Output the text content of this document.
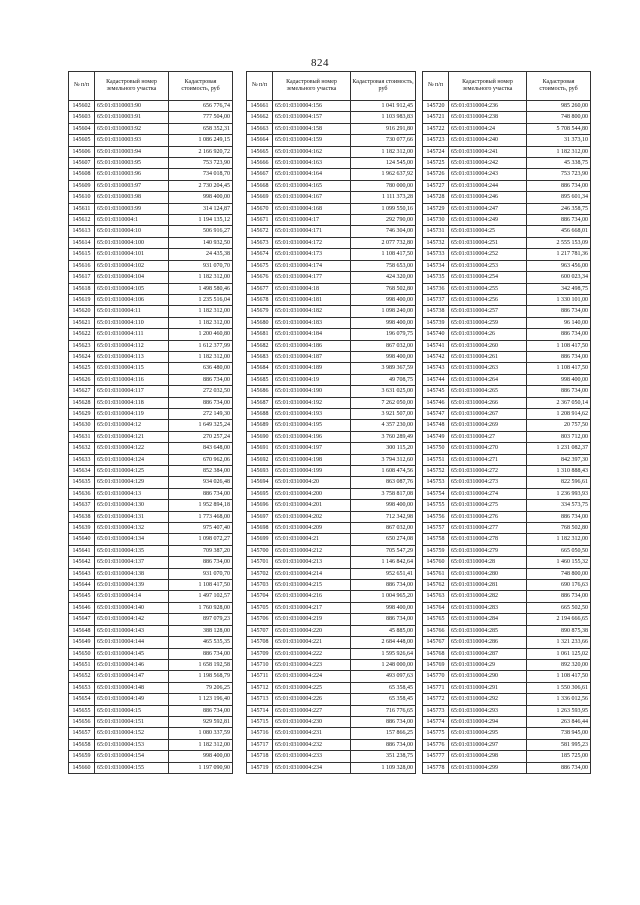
824
№ п/п	Кадастровый номер земельного участка	Кадастровая стоимость, руб
145602	65:01:0310003:90	656 776,74
145603	65:01:0310003:91	777 504,00
145604	65:01:0310003:92	658 352,31
145605	65:01:0310003:93	1 086 249,15
145606	65:01:0310003:94	2 166 920,72
145607	65:01:0310003:95	753 723,90
145608	65:01:0310003:96	734 018,70
145609	65:01:0310003:97	2 730 204,45
145610	65:01:0310003:98	998 400,00
145611	65:01:0310003:99	314 124,87
145612	65:01:0310004:1	1 194 135,12
145613	65:01:0310004:10	506 916,27
145614	65:01:0310004:100	140 932,50
145615	65:01:0310004:101	24 435,38
145616	65:01:0310004:102	931 070,70
145617	65:01:0310004:104	1 182 312,00
145618	65:01:0310004:105	1 498 580,46
145619	65:01:0310004:106	1 235 516,04
145620	65:01:0310004:11	1 182 312,00
145621	65:01:0310004:110	1 182 312,00
145622	65:01:0310004:111	1 200 460,80
145623	65:01:0310004:112	1 612 377,99
145624	65:01:0310004:113	1 182 312,00
145625	65:01:0310004:115	636 480,00
145626	65:01:0310004:116	886 734,00
145627	65:01:0310004:117	272 032,50
145628	65:01:0310004:118	886 734,00
145629	65:01:0310004:119	272 149,30
145630	65:01:0310004:12	1 649 325,24
145631	65:01:0310004:121	270 257,24
145632	65:01:0310004:122	843 648,00
145633	65:01:0310004:124	670 962,06
145634	65:01:0310004:125	852 384,00
145635	65:01:0310004:129	934 026,48
145636	65:01:0310004:13	886 734,00
145637	65:01:0310004:130	1 952 894,18
145638	65:01:0310004:131	1 773 468,00
145639	65:01:0310004:132	975 407,40
145640	65:01:0310004:134	1 098 072,27
145641	65:01:0310004:135	709 387,20
145642	65:01:0310004:137	886 734,00
145643	65:01:0310004:138	931 070,70
145644	65:01:0310004:139	1 108 417,50
145645	65:01:0310004:14	1 497 102,57
145646	65:01:0310004:140	1 760 928,00
145647	65:01:0310004:142	897 079,23
145648	65:01:0310004:143	388 128,00
145649	65:01:0310004:144	465 535,35
145650	65:01:0310004:145	886 734,00
145651	65:01:0310004:146	1 658 192,58
145652	65:01:0310004:147	1 198 568,79
145653	65:01:0310004:148	79 206,25
145654	65:01:0310004:149	1 123 196,40
145655	65:01:0310004:15	886 734,00
145656	65:01:0310004:151	929 592,81
145657	65:01:0310004:152	1 080 337,59
145658	65:01:0310004:153	1 182 312,00
145659	65:01:0310004:154	998 400,00
145660	65:01:0310004:155	1 197 090,90
№ п/п	Кадастровый номер земельного участка	Кадастровая стоимость, руб
145661	65:01:0310004:156	1 041 912,45
145662	65:01:0310004:157	1 103 983,83
145663	65:01:0310004:158	916 291,80
145664	65:01:0310004:159	730 077,66
145665	65:01:0310004:162	1 182 312,00
145666	65:01:0310004:163	124 545,00
145667	65:01:0310004:164	1 962 637,92
145668	65:01:0310004:165	780 000,00
145669	65:01:0310004:167	1 111 373,28
145670	65:01:0310004:168	1 099 550,16
145671	65:01:0310004:17	292 790,00
145672	65:01:0310004:171	746 304,00
145673	65:01:0310004:172	2 077 732,80
145674	65:01:0310004:173	1 108 417,50
145675	65:01:0310004:174	758 653,00
145676	65:01:0310004:177	424 320,00
145677	65:01:0310004:18	768 502,80
145678	65:01:0310004:181	998 400,00
145679	65:01:0310004:182	1 098 240,00
145680	65:01:0310004:183	998 400,00
145681	65:01:0310004:184	196 079,75
145682	65:01:0310004:186	867 032,00
145683	65:01:0310004:187	998 400,00
145684	65:01:0310004:189	3 989 367,59
145685	65:01:0310004:19	49 708,75
145686	65:01:0310004:190	3 631 025,00
145687	65:01:0310004:192	7 262 050,00
145688	65:01:0310004:193	3 921 507,00
145689	65:01:0310004:195	4 357 230,00
145690	65:01:0310004:196	3 760 289,49
145691	65:01:0310004:197	300 115,20
145692	65:01:0310004:198	3 794 312,60
145693	65:01:0310004:199	1 608 474,56
145694	65:01:0310004:20	863 087,76
145695	65:01:0310004:200	3 758 817,08
145696	65:01:0310004:201	998 400,00
145697	65:01:0310004:202	712 342,98
145698	65:01:0310004:209	867 032,00
145699	65:01:0310004:21	650 274,08
145700	65:01:0310004:212	705 547,29
145701	65:01:0310004:213	1 146 842,64
145702	65:01:0310004:214	952 651,41
145703	65:01:0310004:215	886 734,00
145704	65:01:0310004:216	1 004 965,20
145705	65:01:0310004:217	998 400,00
145706	65:01:0310004:219	886 734,00
145707	65:01:0310004:220	45 885,00
145708	65:01:0310004:221	2 684 448,00
145709	65:01:0310004:222	1 595 926,64
145710	65:01:0310004:223	1 248 000,00
145711	65:01:0310004:224	493 097,63
145712	65:01:0310004:225	65 358,45
145713	65:01:0310004:226	65 358,45
145714	65:01:0310004:227	716 776,65
145715	65:01:0310004:230	886 734,00
145716	65:01:0310004:231	157 866,25
145717	65:01:0310004:232	886 734,00
145718	65:01:0310004:233	351 238,75
145719	65:01:0310004:234	1 109 328,00
№ п/п	Кадастровый номер земельного участка	Кадастровая стоимость, руб
145720	65:01:0310004:236	985 260,00
145721	65:01:0310004:238	748 800,00
145722	65:01:0310004:24	5 708 544,80
145723	65:01:0310004:240	31 373,10
145724	65:01:0310004:241	1 182 312,00
145725	65:01:0310004:242	45 338,75
145726	65:01:0310004:243	753 723,90
145727	65:01:0310004:244	886 734,00
145728	65:01:0310004:246	895 601,34
145729	65:01:0310004:247	246 358,75
145730	65:01:0310004:249	886 734,00
145731	65:01:0310004:25	456 668,01
145732	65:01:0310004:251	2 555 153,09
145733	65:01:0310004:252	1 217 781,36
145734	65:01:0310004:253	963 456,00
145735	65:01:0310004:254	600 023,34
145736	65:01:0310004:255	342 498,75
145737	65:01:0310004:256	1 330 101,00
145738	65:01:0310004:257	886 734,00
145739	65:01:0310004:259	96 140,00
145740	65:01:0310004:26	886 734,00
145741	65:01:0310004:260	1 108 417,50
145742	65:01:0310004:261	886 734,00
145743	65:01:0310004:263	1 108 417,50
145744	65:01:0310004:264	998 400,00
145745	65:01:0310004:265	886 734,00
145746	65:01:0310004:266	2 367 050,14
145747	65:01:0310004:267	1 208 914,62
145748	65:01:0310004:269	20 757,50
145749	65:01:0310004:27	803 712,00
145750	65:01:0310004:270	1 231 082,37
145751	65:01:0310004:271	842 397,30
145752	65:01:0310004:272	1 310 888,43
145753	65:01:0310004:273	822 596,61
145754	65:01:0310004:274	1 236 993,93
145755	65:01:0310004:275	334 573,75
145756	65:01:0310004:276	886 734,00
145757	65:01:0310004:277	768 502,80
145758	65:01:0310004:278	1 182 312,00
145759	65:01:0310004:279	665 050,50
145760	65:01:0310004:28	1 460 155,32
145761	65:01:0310004:280	748 800,00
145762	65:01:0310004:281	690 176,63
145763	65:01:0310004:282	886 734,00
145764	65:01:0310004:283	665 502,50
145765	65:01:0310004:284	2 194 666,65
145766	65:01:0310004:285	890 875,38
145767	65:01:0310004:286	1 321 233,66
145768	65:01:0310004:287	1 061 125,02
145769	65:01:0310004:29	892 320,00
145770	65:01:0310004:290	1 108 417,50
145771	65:01:0310004:291	1 550 306,61
145772	65:01:0310004:292	1 336 012,56
145773	65:01:0310004:293	1 263 593,95
145774	65:01:0310004:294	263 846,44
145775	65:01:0310004:295	738 945,00
145776	65:01:0310004:297	581 995,23
145777	65:01:0310004:298	185 725,00
145778	65:01:0310004:299	886 734,00
